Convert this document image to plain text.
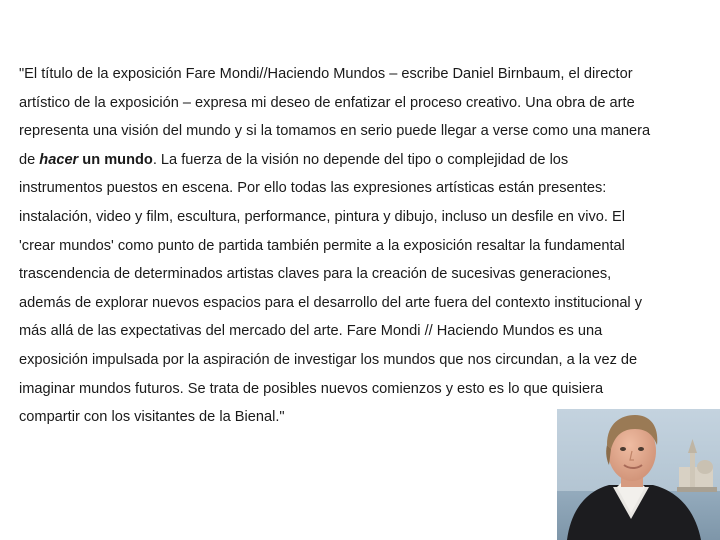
"El título de la exposición Fare Mondi//Haciendo Mundos – escribe Daniel Birnbaum, el director
artístico de la exposición – expresa mi deseo de enfatizar el proceso creativo. Una obra de arte
representa una visión del mundo y si la tomamos en serio puede llegar a verse como una manera
de hacer un mundo. La fuerza de la visión no depende del tipo o complejidad de los
instrumentos puestos en escena. Por ello todas las expresiones artísticas están presentes:
instalación, video y film, escultura, performance, pintura y dibujo, incluso un desfile en vivo. El
'crear mundos' como punto de partida también permite a la exposición resaltar la fundamental
trascendencia de determinados artistas claves para la creación de sucesivas generaciones,
además de explorar nuevos espacios para el desarrollo del arte fuera del contexto institucional y
más allá de las expectativas del mercado del arte. Fare Mondi // Haciendo Mundos es una
exposición impulsada por la aspiración de investigar los mundos que nos circundan, a la vez de
imaginar mundos futuros. Se trata de posibles nuevos comienzos y esto es lo que quisiera
compartir con los visitantes de la Bienal."
